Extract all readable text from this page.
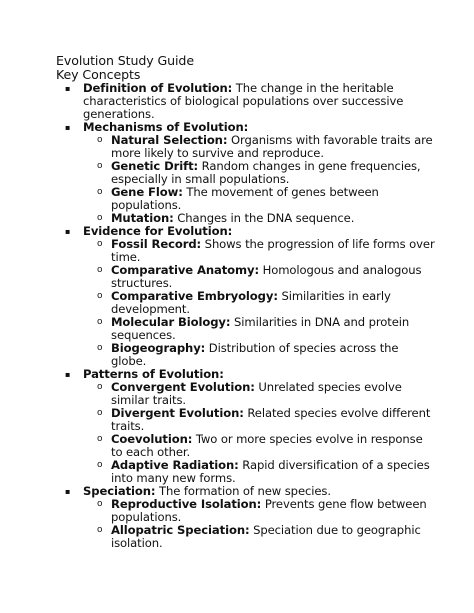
Evolution Study Guide
Key Concepts
▪ Definition of Evolution: The change in the heritable characteristics of biological populations over successive generations.
▪ Mechanisms of Evolution:
o Natural Selection: Organisms with favorable traits are more likely to survive and reproduce.
o Genetic Drift: Random changes in gene frequencies, especially in small populations.
o Gene Flow: The movement of genes between populations.
o Mutation: Changes in the DNA sequence.
▪ Evidence for Evolution:
o Fossil Record: Shows the progression of life forms over time.
o Comparative Anatomy: Homologous and analogous structures.
o Comparative Embryology: Similarities in early development.
o Molecular Biology: Similarities in DNA and protein sequences.
o Biogeography: Distribution of species across the globe.
▪ Patterns of Evolution:
o Convergent Evolution: Unrelated species evolve similar traits.
o Divergent Evolution: Related species evolve different traits.
o Coevolution: Two or more species evolve in response to each other.
o Adaptive Radiation: Rapid diversification of a species into many new forms.
▪ Speciation: The formation of new species.
o Reproductive Isolation: Prevents gene flow between populations.
o Allopatric Speciation: Speciation due to geographic isolation.
